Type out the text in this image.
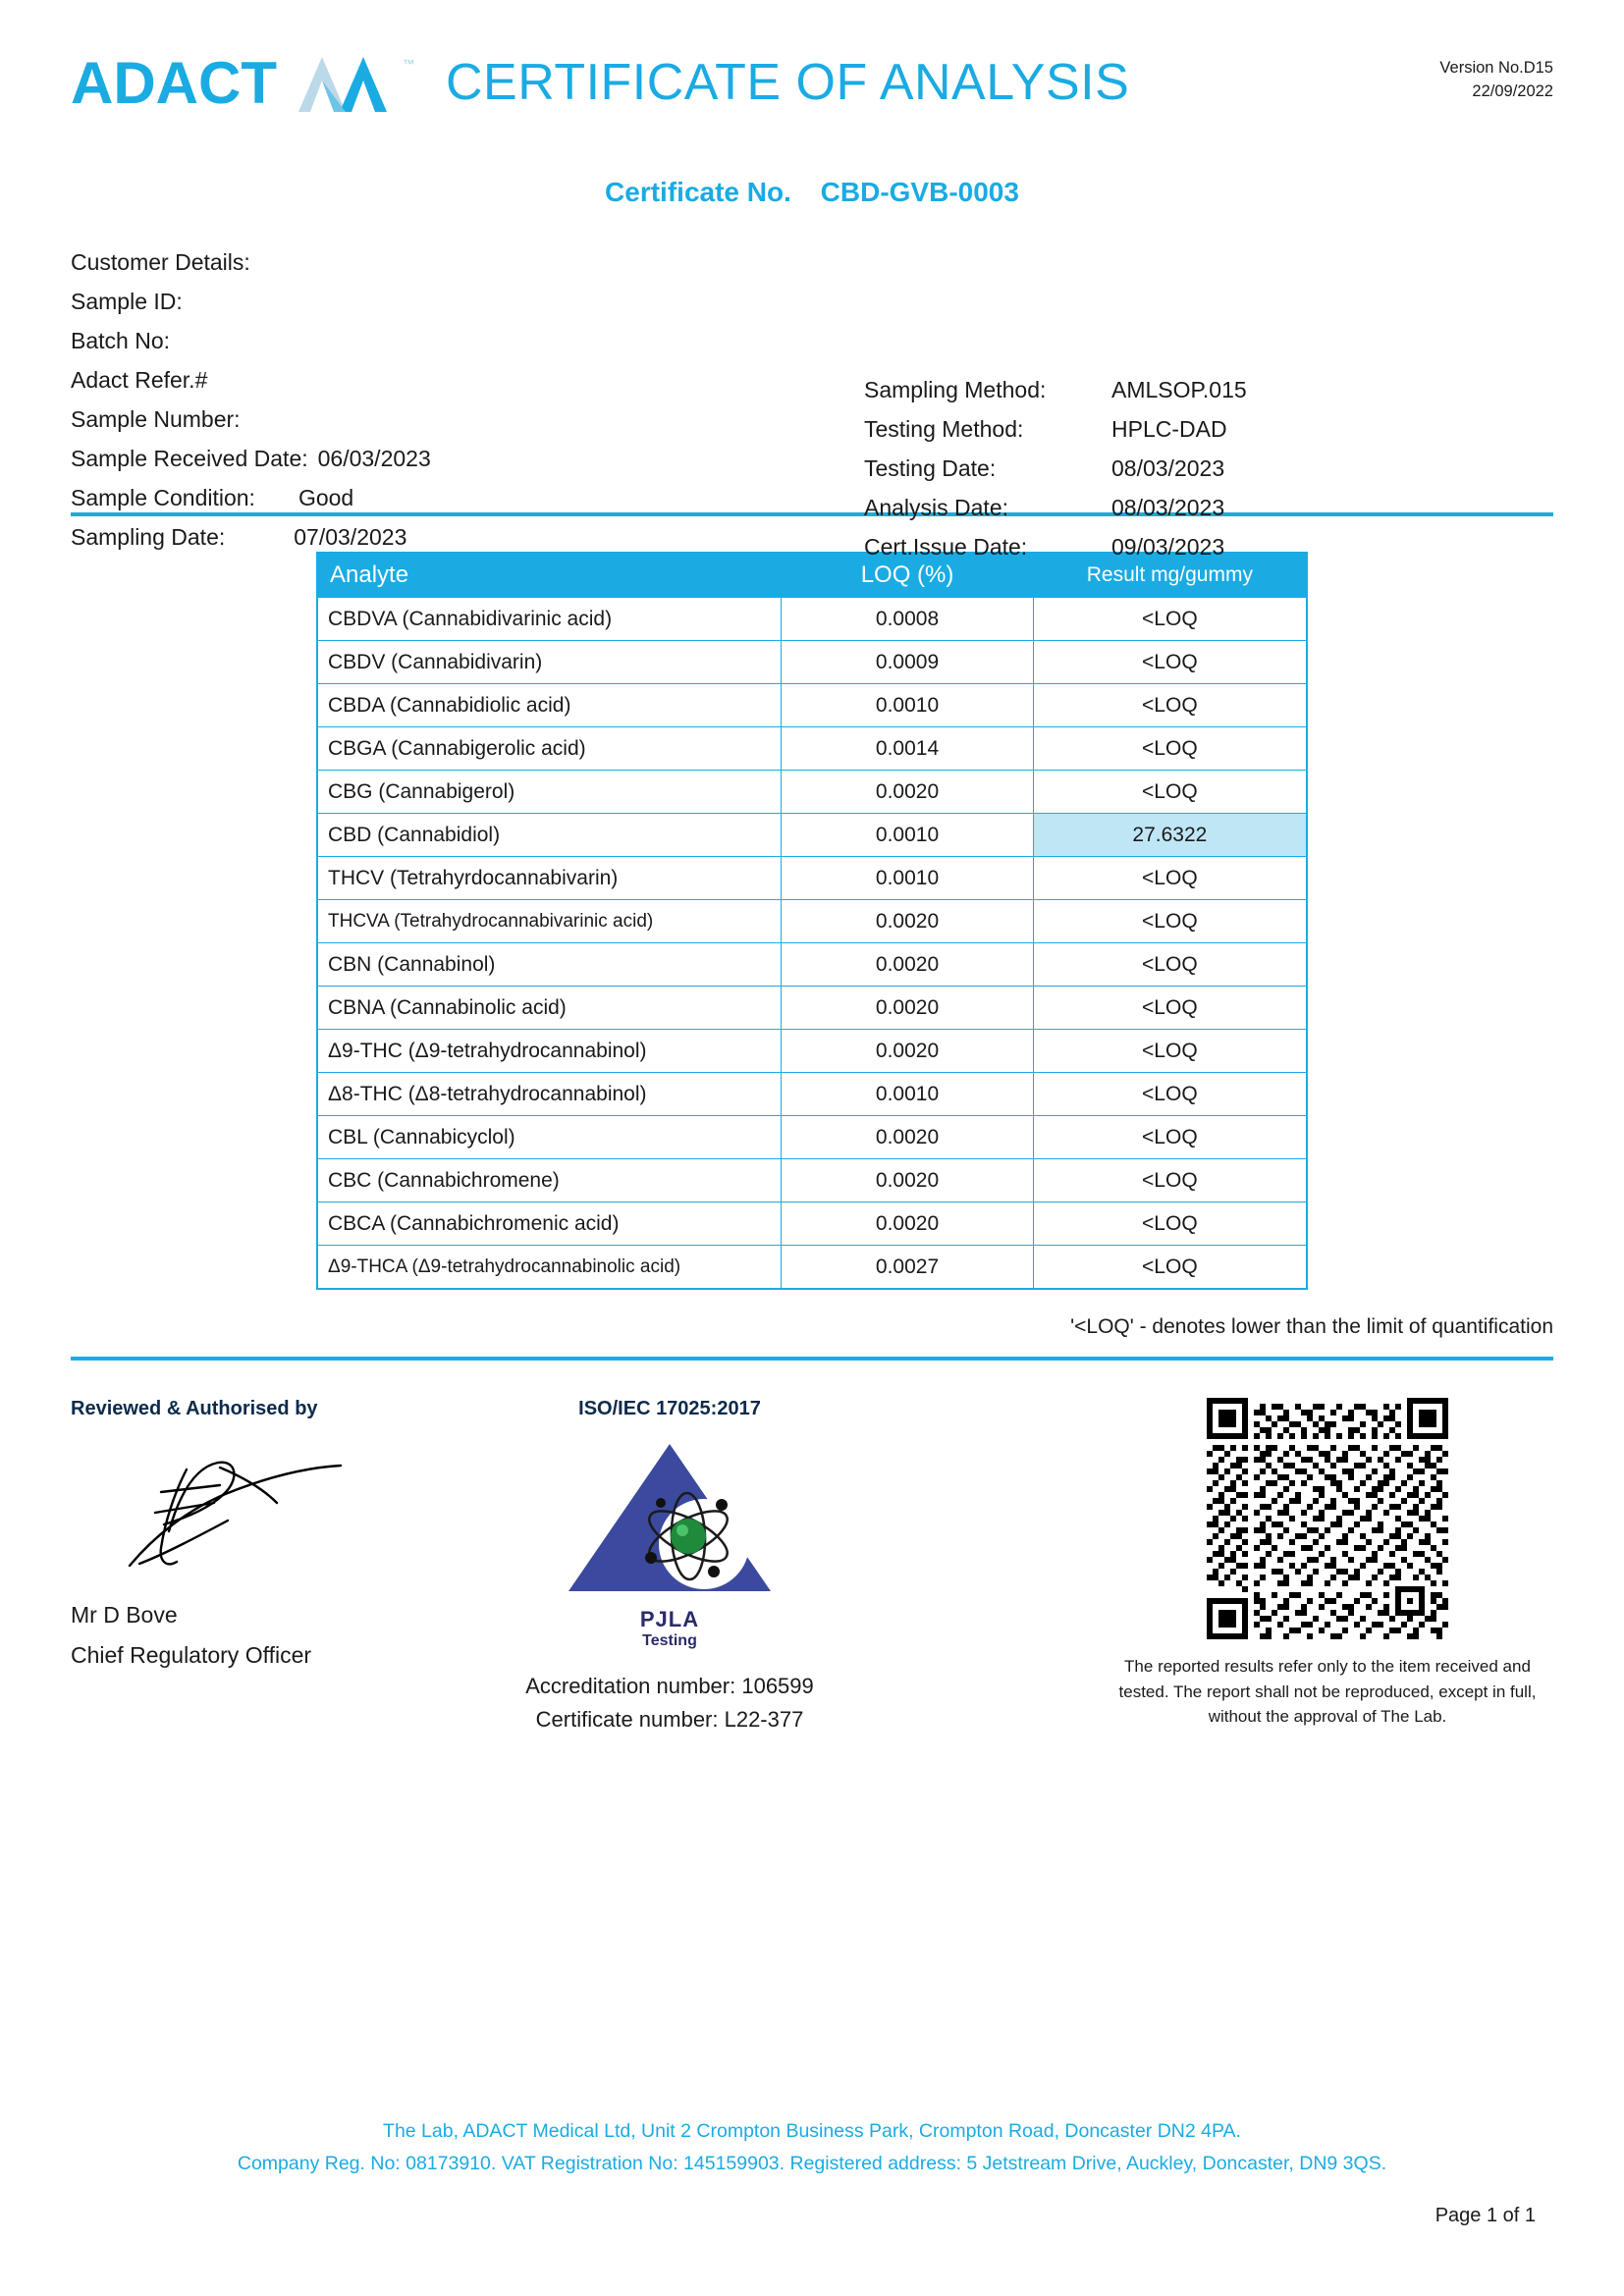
ADACT	™ CERTIFICATE OF ANALYSIS	Version No.D15
22/09/2022
Certificate No. CBD-GVB-0003
Customer Details:
Sample ID:
Batch No:
Adact Refer.#
Sample Number:
Sample Received Date: 06/03/2023
Sample Condition: Good
Sampling Date:	07/03/2023
Sampling Method:	AMLSOP.015
Testing Method:	HPLC-DAD
Testing Date:	08/03/2023
Analysis Date:	08/03/2023
Cert.Issue Date:	09/03/2023
Analyte	LOQ (%)	Result mg/gummy
CBDVA (Cannabidivarinic acid)	0.0008	<LOQ
CBDV (Cannabidivarin)	0.0009	<LOQ
CBDA (Cannabidiolic acid)	0.0010	<LOQ
CBGA (Cannabigerolic acid)	0.0014	<LOQ
CBG (Cannabigerol)	0.0020	<LOQ
CBD (Cannabidiol)	0.0010	27.6322
THCV (Tetrahyrdocannabivarin)	0.0010	<LOQ
THCVA (Tetrahydrocannabivarinic acid)	0.0020	<LOQ
CBN (Cannabinol)	0.0020	<LOQ
CBNA (Cannabinolic acid)	0.0020	<LOQ
Δ9-THC (Δ9-tetrahydrocannabinol)	0.0020	<LOQ
Δ8-THC (Δ8-tetrahydrocannabinol)	0.0010	<LOQ
CBL (Cannabicyclol)	0.0020	<LOQ
CBC (Cannabichromene)	0.0020	<LOQ
CBCA (Cannabichromenic acid)	0.0020	<LOQ
Δ9-THCA (Δ9-tetrahydrocannabinolic acid)	0.0027	<LOQ
'<LOQ' - denotes lower than the limit of quantification
Reviewed & Authorised by
Mr D Bove
Chief Regulatory Officer
ISO/IEC 17025:2017
PJLA
Testing
Accreditation number: 106599
Certificate number: L22-377
The reported results refer only to the item received and tested. The report shall not be reproduced, except in full, without the approval of The Lab.
The Lab, ADACT Medical Ltd, Unit 2 Crompton Business Park, Crompton Road, Doncaster DN2 4PA.
Company Reg. No: 08173910. VAT Registration No: 145159903. Registered address: 5 Jetstream Drive, Auckley, Doncaster, DN9 3QS.
Page 1 of 1
